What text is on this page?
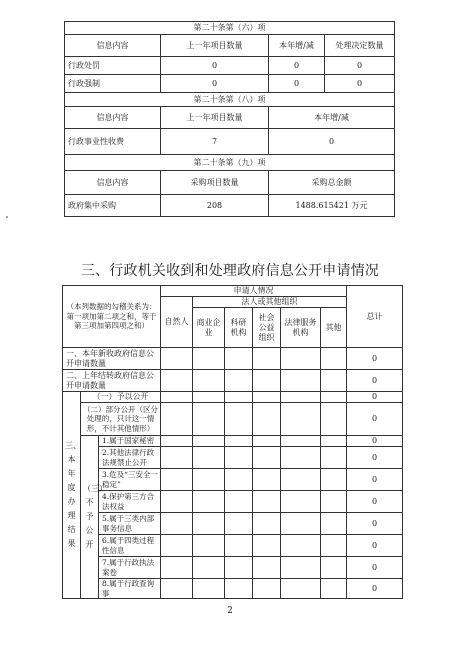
第二十条第（六）项			
信息内容	上一年项目数量	本年增/减	处理决定数量
行政处罚	0	0	0
行政强制	0	0	0
第二十条第（八）项			
信息内容	上一年项目数量	本年增/减	
行政事业性收费	7	0	
第二十条第（九）项			
信息内容	采购项目数量	采购总金额	
政府集中采购	208	1488.615421 万元	
三、行政机关收到和处理政府信息公开申请情况
（本列数据的勾稽关系为：第一项加第二项之和，等于第三项加第四项之和）			申请人情况						总计
			自然人	法人或其他组织					
				商业企业	科研机构	社会公益组织	法律服务机构	其他	

一、本年新收政府信息公开申请数量									0
二、上年结转政府信息公开申请数量									0
三、本年度办理结果	（一）予以公开								0
	（二）部分公开（区分处理的，只计这一情形，不计其他情形）								0
	（三）不予公开	1.属于国家秘密							0
		2.其他法律行政法规禁止公开							0
		3.危及“三安全一稳定”							0
		4.保护第三方合法权益							0
		5.属于三类内部事务信息							0
		6.属于四类过程性信息							0
		7.属于行政执法案卷							0
		8.属于行政查询事							0
2
